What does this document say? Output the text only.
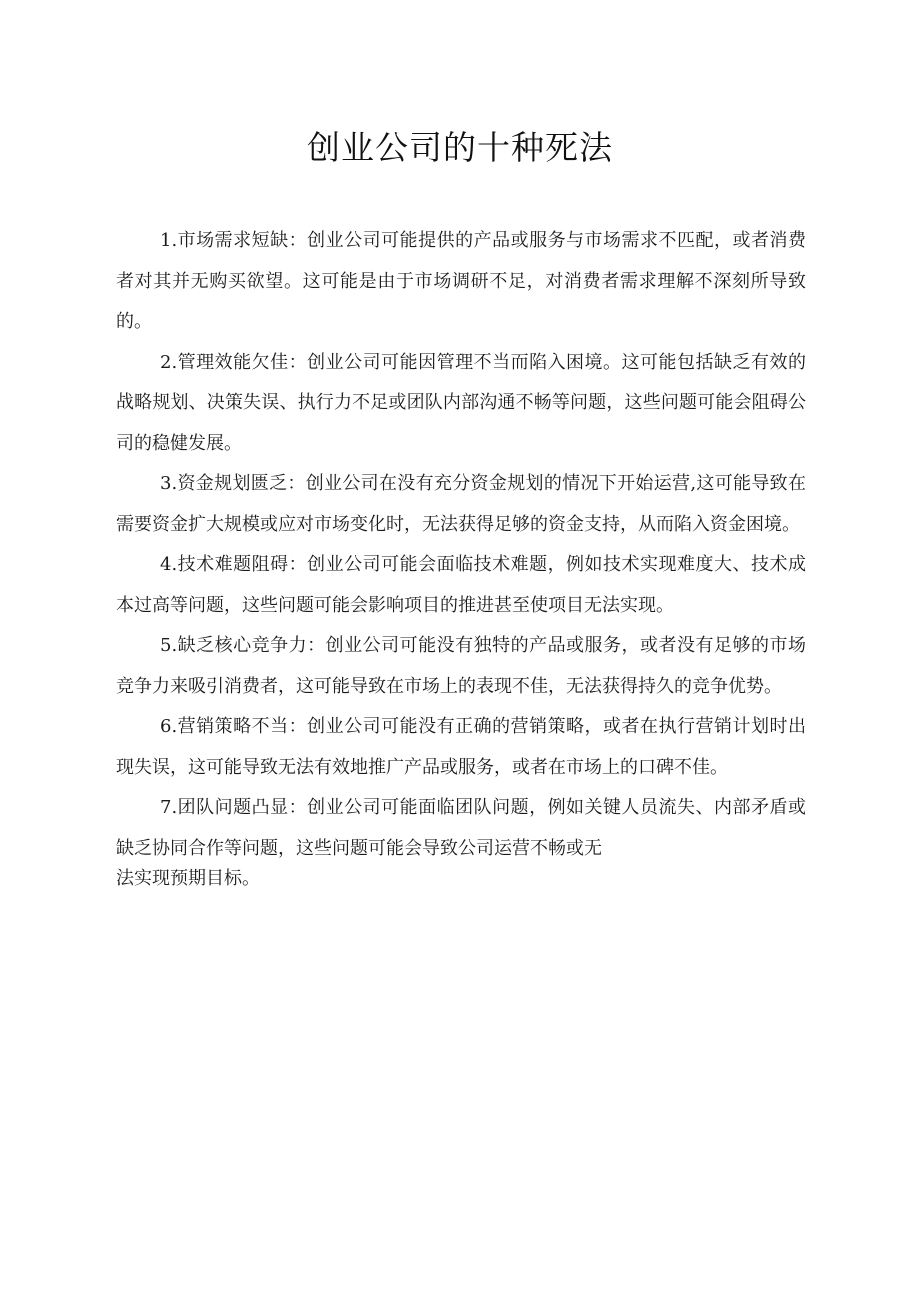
创业公司的十种死法

1.市场需求短缺：创业公司可能提供的产品或服务与市场需求不匹配，或者消费者对其并无购买欲望。这可能是由于市场调研不足，对消费者需求理解不深刻所导致的。

2.管理效能欠佳：创业公司可能因管理不当而陷入困境。这可能包括缺乏有效的战略规划、决策失误、执行力不足或团队内部沟通不畅等问题，这些问题可能会阻碍公司的稳健发展。

3.资金规划匮乏：创业公司在没有充分资金规划的情况下开始运营,这可能导致在需要资金扩大规模或应对市场变化时，无法获得足够的资金支持，从而陷入资金困境。

4.技术难题阻碍：创业公司可能会面临技术难题，例如技术实现难度大、技术成本过高等问题，这些问题可能会影响项目的推进甚至使项目无法实现。

5.缺乏核心竞争力：创业公司可能没有独特的产品或服务，或者没有足够的市场竞争力来吸引消费者，这可能导致在市场上的表现不佳，无法获得持久的竞争优势。

6.营销策略不当：创业公司可能没有正确的营销策略，或者在执行营销计划时出现失误，这可能导致无法有效地推广产品或服务，或者在市场上的口碑不佳。

7.团队问题凸显：创业公司可能面临团队问题，例如关键人员流失、内部矛盾或缺乏协同合作等问题，这些问题可能会导致公司运营不畅或无
法实现预期目标。
